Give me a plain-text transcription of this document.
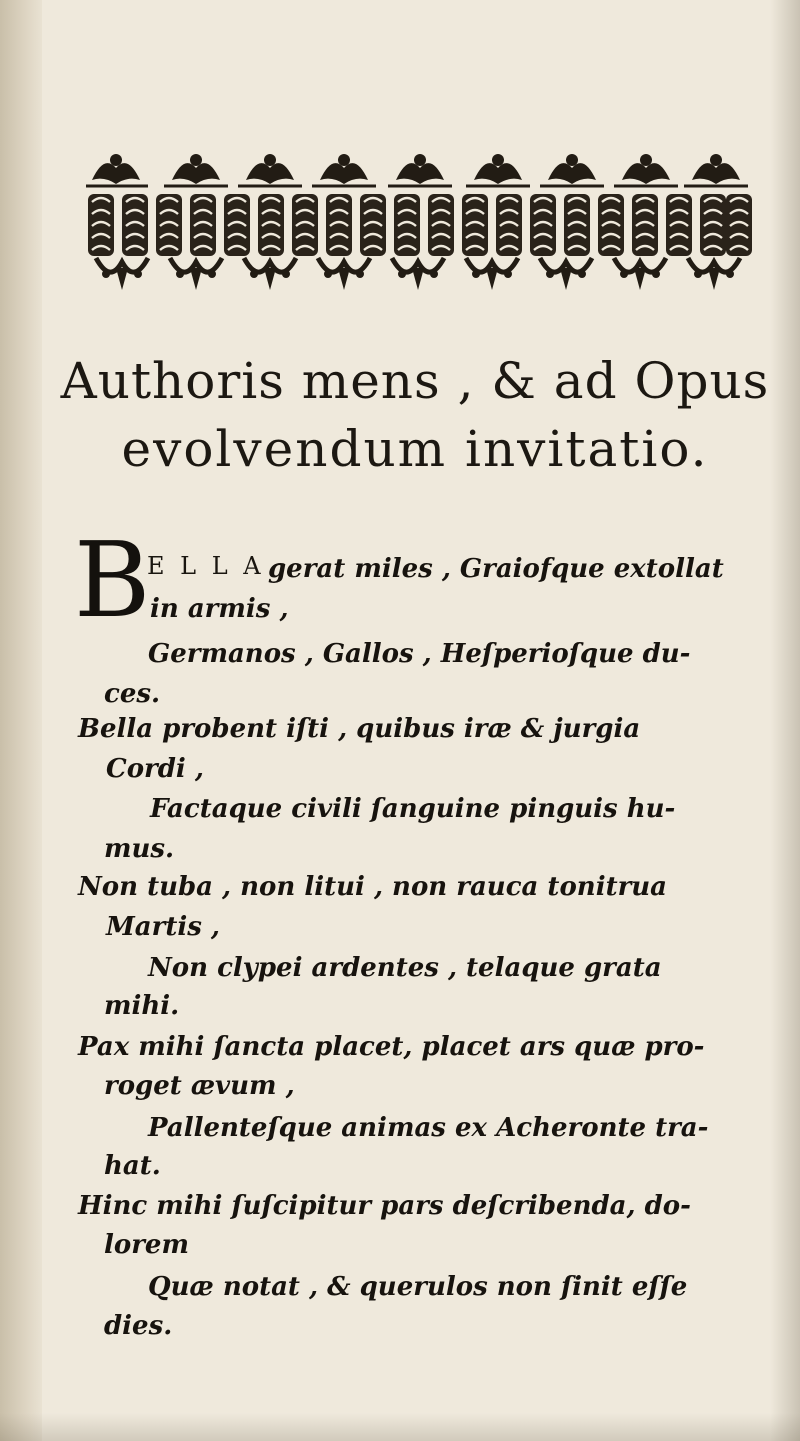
Authoris mens , & ad Opus
evolvendum invitatio.
B
E L L A gerat miles , Graiofque extollat
in armis ,
Germanos , Gallos , Heſperioſque du-
ces.
Bella probent iſti , quibus iræ & jurgia
Cordi ,
Factaque civili ſanguine pinguis hu-
mus.
Non tuba , non litui , non rauca tonitrua
Martis ,
Non clypei ardentes , telaque grata
mihi.
Pax mihi ſancta placet, placet ars quæ pro-
roget ævum ,
Pallenteſque animas ex Acheronte tra-
hat.
Hinc mihi ſuſcipitur pars deſcribenda, do-
lorem
Quæ notat , & querulos non ſinit eſſe
dies.
